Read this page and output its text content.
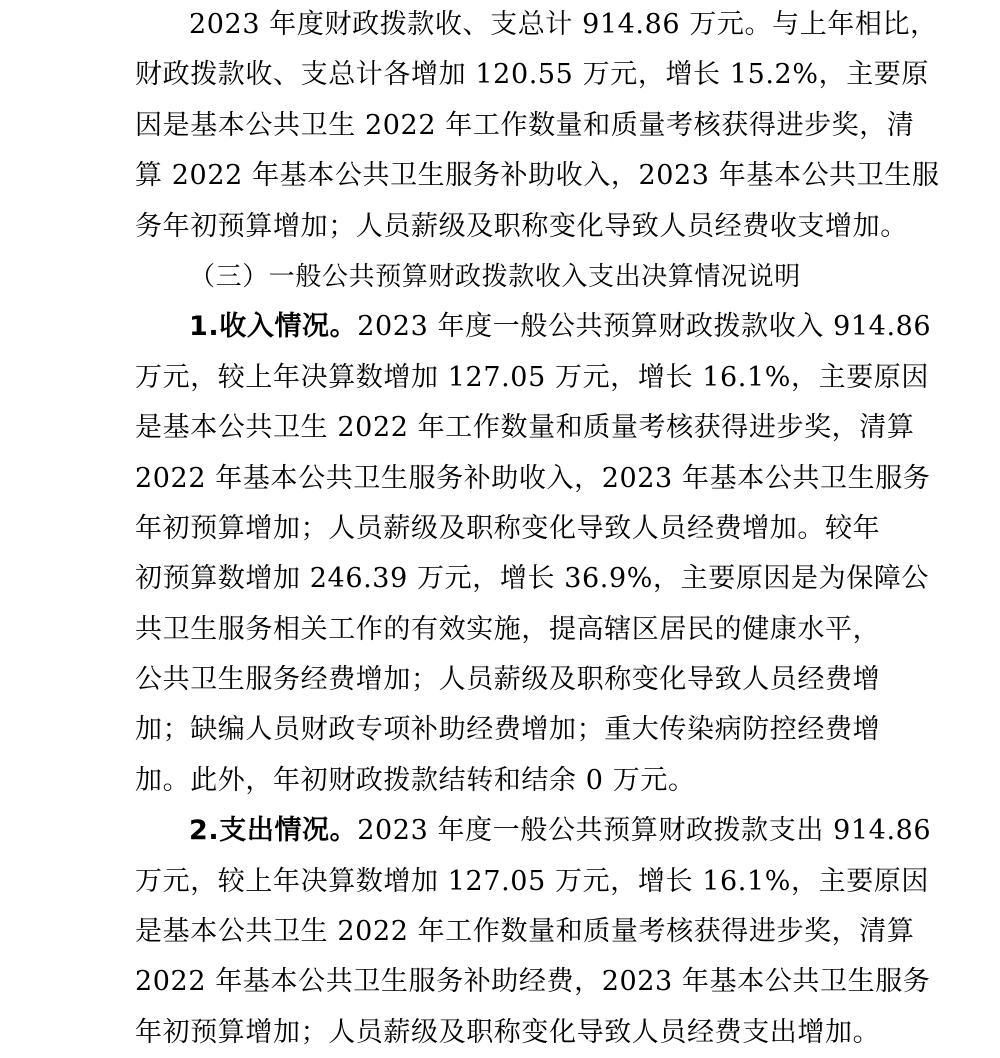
2023 年度财政拨款收、支总计 914.86 万元。与上年相比，
财政拨款收、支总计各增加 120.55 万元，增长 15.2%，主要原
因是基本公共卫生 2022 年工作数量和质量考核获得进步奖，清
算 2022 年基本公共卫生服务补助收入，2023 年基本公共卫生服
务年初预算增加；人员薪级及职称变化导致人员经费收支增加。
（三）一般公共预算财政拨款收入支出决算情况说明
1.收入情况。2023 年度一般公共预算财政拨款收入 914.86
万元，较上年决算数增加 127.05 万元，增长 16.1%，主要原因
是基本公共卫生 2022 年工作数量和质量考核获得进步奖，清算
2022 年基本公共卫生服务补助收入，2023 年基本公共卫生服务
年初预算增加；人员薪级及职称变化导致人员经费增加。较年
初预算数增加 246.39 万元，增长 36.9%，主要原因是为保障公
共卫生服务相关工作的有效实施，提高辖区居民的健康水平，
公共卫生服务经费增加；人员薪级及职称变化导致人员经费增
加；缺编人员财政专项补助经费增加；重大传染病防控经费增
加。此外，年初财政拨款结转和结余 0 万元。
2.支出情况。2023 年度一般公共预算财政拨款支出 914.86
万元，较上年决算数增加 127.05 万元，增长 16.1%，主要原因
是基本公共卫生 2022 年工作数量和质量考核获得进步奖，清算
2022 年基本公共卫生服务补助经费，2023 年基本公共卫生服务
年初预算增加；人员薪级及职称变化导致人员经费支出增加。
